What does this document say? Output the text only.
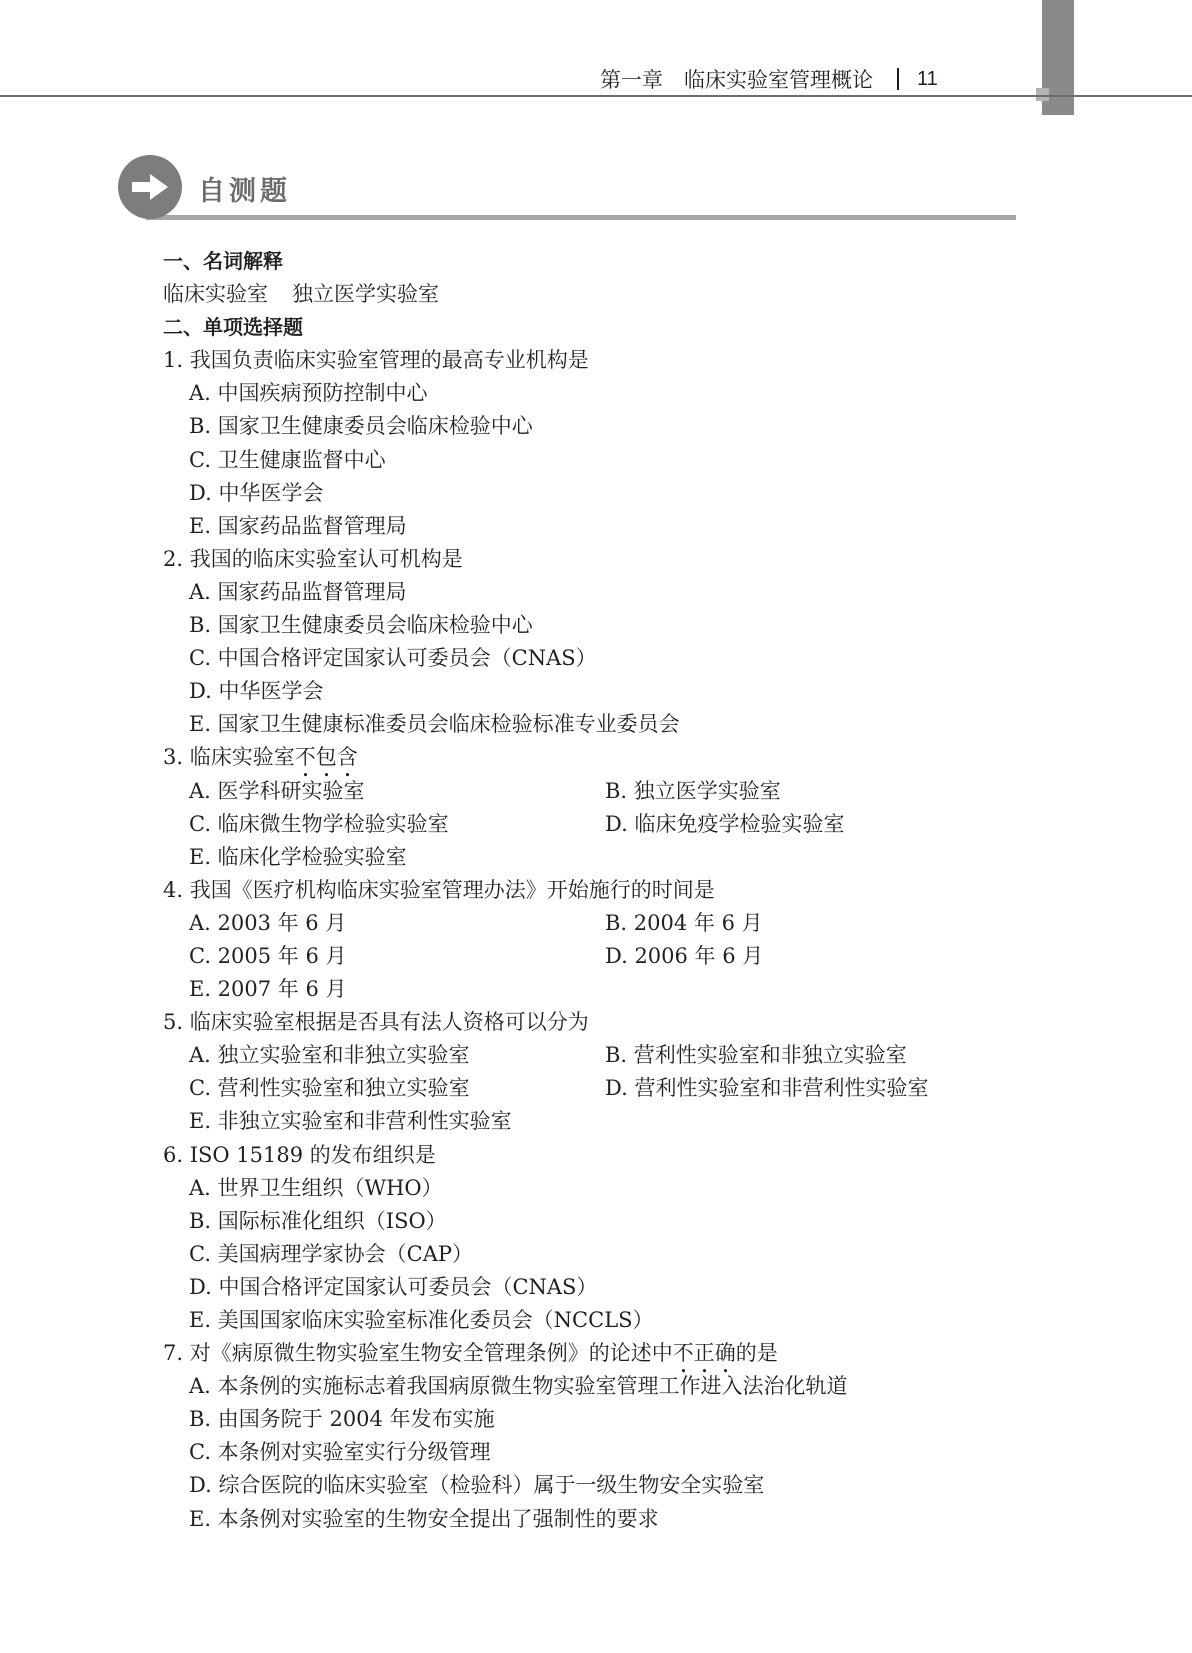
第一章　临床实验室管理概论 11
自测题
一、名词解释
临床实验室 独立医学实验室
二、单项选择题
1. 我国负责临床实验室管理的最高专业机构是
A. 中国疾病预防控制中心
B. 国家卫生健康委员会临床检验中心
C. 卫生健康监督中心
D. 中华医学会
E. 国家药品监督管理局
2. 我国的临床实验室认可机构是
A. 国家药品监督管理局
B. 国家卫生健康委员会临床检验中心
C. 中国合格评定国家认可委员会（CNAS）
D. 中华医学会
E. 国家卫生健康标准委员会临床检验标准专业委员会
3. 临床实验室不包含
A. 医学科研实验室	B. 独立医学实验室
C. 临床微生物学检验实验室	D. 临床免疫学检验实验室
E. 临床化学检验实验室
4. 我国《医疗机构临床实验室管理办法》开始施行的时间是
A. 2003 年 6 月	B. 2004 年 6 月
C. 2005 年 6 月	D. 2006 年 6 月
E. 2007 年 6 月
5. 临床实验室根据是否具有法人资格可以分为
A. 独立实验室和非独立实验室	B. 营利性实验室和非独立实验室
C. 营利性实验室和独立实验室	D. 营利性实验室和非营利性实验室
E. 非独立实验室和非营利性实验室
6. ISO 15189 的发布组织是
A. 世界卫生组织（WHO）
B. 国际标准化组织（ISO）
C. 美国病理学家协会（CAP）
D. 中国合格评定国家认可委员会（CNAS）
E. 美国国家临床实验室标准化委员会（NCCLS）
7. 对《病原微生物实验室生物安全管理条例》的论述中不正确的是
A. 本条例的实施标志着我国病原微生物实验室管理工作进入法治化轨道
B. 由国务院于 2004 年发布实施
C. 本条例对实验室实行分级管理
D. 综合医院的临床实验室（检验科）属于一级生物安全实验室
E. 本条例对实验室的生物安全提出了强制性的要求
